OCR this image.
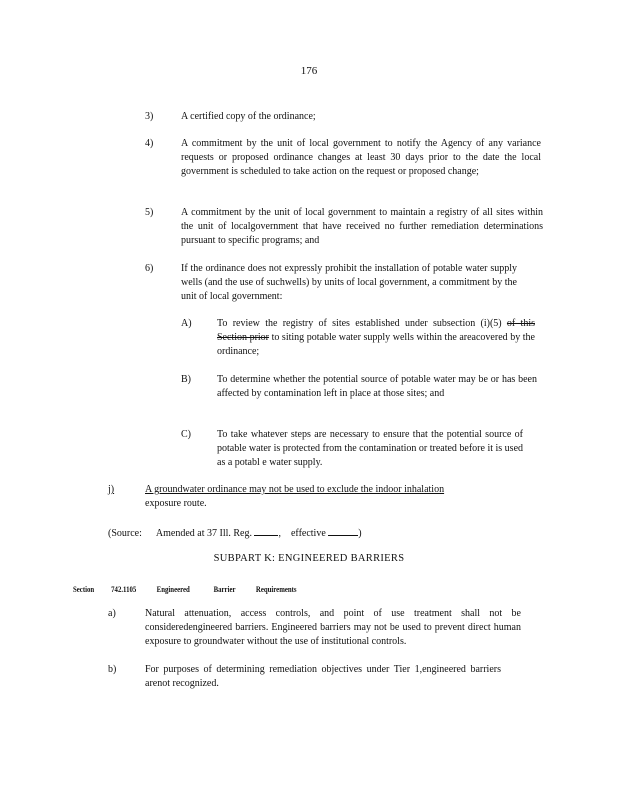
176
3)	A certified copy of the ordinance;
4)	A commitment by the unit of local government to notify the Agency of any variance requests or proposed ordinance changes at least 30 days prior to the date the local government is scheduled to take action on the request or proposed change;
5)	A commitment by the unit of local government to maintain a registry of all sites within the unit of localgovernment that have received no further remediation determinations pursuant to specific programs; and
6)	If the ordinance does not expressly prohibit the installation of potable water supply wells (and the use of suchwells) by units of local government, a commitment by the unit of local government:
A)	To review the registry of sites established under subsection (i)(5) of this Section prior to siting potable water supply wells within the areacovered by the ordinance;
B)	To determine whether the potential source of potable water may be or has been affected by contamination left in place at those sites; and
C)	To take whatever steps are necessary to ensure that the potential source of potable water is protected from the contamination or treated before it is used as a potabl e water supply.
j)	A groundwater ordinance may not be used to exclude the indoor inhalation
exposure route.
(Source: Amended at 37 Ill. Reg.	, effective	)
SUBPART K: ENGINEERED BARRIERS
Section 742.1105	Engineered	Barrier	Requirements
a)	Natural attenuation, access controls, and point of use treatment shall not be consideredengineered barriers. Engineered barriers may not be used to prevent direct human exposure to groundwater without the use of institutional controls.
b)	For purposes of determining remediation objectives under Tier 1,engineered barriers arenot recognized.
